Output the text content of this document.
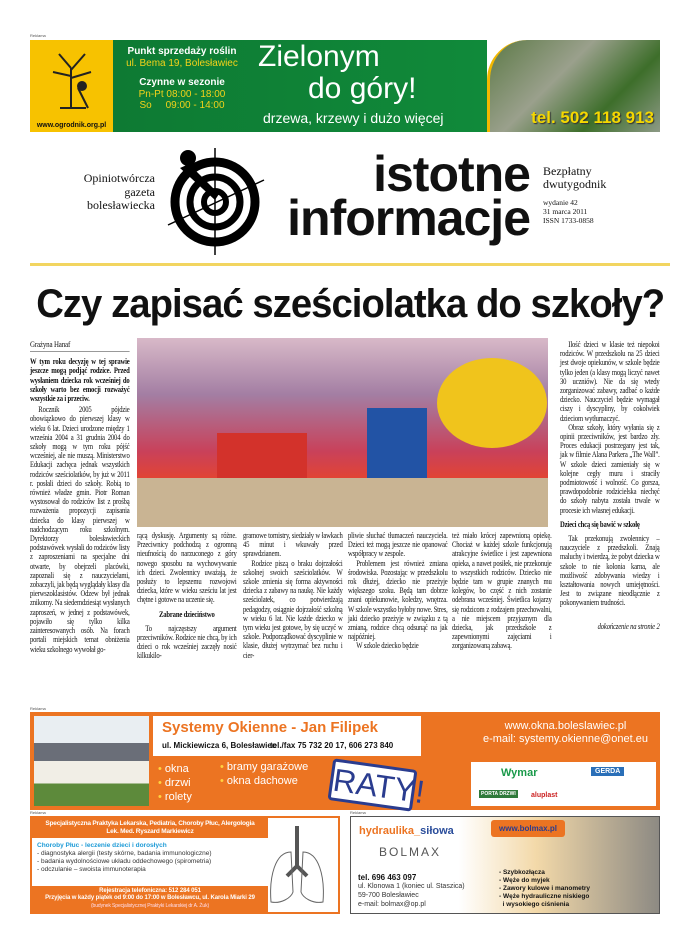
Reklama
www.ogrodnik.org.pl
Punkt sprzedaży roślin
ul. Bema 19, Bolesławiec
Czynne w sezonie
Pn-Pt 08:00 - 18:00
So     09:00 - 14:00
Zielonym
do góry!
drzewa, krzewy i dużo więcej	tel. 502 118 913
Opiniotwórcza
gazeta
bolesławiecka
istotne
informacje
Bezpłatny
dwutygodnik
wydanie 42
31 marca 2011
ISSN 1733-0858
Czy zapisać sześciolatka do szkoły?
Grażyna Hanaf

W tym roku decyzję w tej sprawie jeszcze mogą podjąć rodzice. Przed wysłaniem dziecka rok wcześniej do szkoły warto bez emocji rozważyć wszystkie za i przeciw.

Rocznik 2005 pójdzie obowiązkowo do pierwszej klasy w wieku 6 lat. Dzieci urodzone między 1 września 2004 a 31 grudnia 2004 do szkoły mogą w tym roku pójść wcześniej, ale nie muszą. Ministerstwo Edukacji zachęca jednak wszystkich rodziców sześciolatków, by już w 2011 r. posłali dzieci do szkoły. Robią to również władze gmin. Piotr Roman wystosował do rodziców list z prośbą rozważenia propozycji zapisania dziecka do klasy pierwszej w nadchodzącym roku szkolnym. Dyrektorzy bolesławieckich podstawówek wysłali do rodziców listy z zaproszeniami na specjalne dni otwarte, by obejrzeli placówki, zapoznali się z nauczycielami, zobaczyli, jak będą wyglądały klasy dla pierwszoklasistów. Odzew był jednak znikomy. Na siedemdziesiąt wysłanych zaproszeń, w jednej z podstawówek, pojawiło się tylko kilka zainteresowanych osób. Na forach portali miejskich temat obniżenia wieku szkolnego wywołał go-

rącą dyskusję. Argumenty są różne. Przeciwnicy podchodzą z ogromną nieufnością do narzuconego z góry nowego sposobu na wychowywanie ich dzieci. Zwolennicy uważają, że posłuży to lepszemu rozwojowi dziecka, które w wieku sześciu lat jest chętne i gotowe na uczenie się.

Zabrane dzieciństwo

To najczęstszy argument przeciwników. Rodzice nie chcą, by ich dzieci o rok wcześniej zaczęły nosić kilkukilo-

gramowe tornistry, siedziały w ławkach 45 minut i wkuwały przed sprawdzianem.

Rodzice piszą o braku dojrzałości szkolnej swoich sześciolatków. W szkole zmienia się forma aktywności dziecka z zabawy na naukę. Nie każdy sześciolatek, co potwierdzają pedagodzy, osiągnie dojrzałość szkolną w wieku 6 lat. Nie każde dziecko w tym wieku jest gotowe, by się uczyć w szkole. Podporządkować dyscyplinie w klasie, dłużej wytrzymać bez ruchu i cier-

pliwie słuchać tłumaczeń nauczyciela. Dzieci też mogą jeszcze nie opanować współpracy w zespole.

Problemem jest również zmiana środowiska. Pozostając w przedszkolu rok dłużej, dziecko nie przeżyje większego szoku. Będą tam dobrze znani opiekunowie, koledzy, wnętrza. W szkole wszystko byłoby nowe. Stres, jaki dziecko przeżyje w związku z tą zmianą, rodzice chcą odsunąć na jak najpóźniej.

W szkole dziecko będzie

też miało krócej zapewnioną opiekę. Chociaż w każdej szkole funkcjonują atrakcyjne świetlice i jest zapewniona opieka, a nawet posiłek, nie przekonuje to wszystkich rodziców. Dziecko nie będzie tam w grupie znanych mu kolegów, bo część z nich zostanie odebrana wcześniej. Świetlica kojarzy się rodzicom z rodzajem przechowalni, a nie miejscem przyjaznym dla dziecka, jak przedszkole z zapewnionymi zajęciami i zorganizowaną zabawą.

Ilość dzieci w klasie też niepokoi rodziców. W przedszkolu na 25 dzieci jest dwoje opiekunów, w szkole będzie tylko jeden (a klasy mogą liczyć nawet 30 uczniów). Nie da się wtedy zorganizować zabawy, zadbać o każde dziecko. Nauczyciel będzie wymagał ciszy i dyscypliny, by cokolwiek dzieciom wytłumaczyć.

Obraz szkoły, który wyłania się z opinii przeciwników, jest bardzo zły. Proces edukacji postrzegany jest tak, jak w filmie Alana Parkera „The Wall”. W szkole dzieci zamieniały się w kolejne cegły muru i straciły podmiotowość i wolność. Co gorsza, prawdopodobnie rodzicielska niechęć do szkoły nabyta została trwale w procesie ich własnej edukacji.

Dzieci chcą się bawić w szkołę

Tak przekonują zwolennicy – nauczyciele z przedszkoli. Znają maluchy i twierdzą, że pobyt dziecka w szkole to nie kolonia karna, ale możliwość zdobywania wiedzy i kształtowania nowych umiejętności. Jest to związane nieodłącznie z pokonywaniem trudności.

dokończenie na stronie 2
Reklama
Systemy Okienne - Jan Filipek
ul. Mickiewicza 6, Bolesławiec
tel./fax 75 732 20 17, 606 273 840
• okna
• drzwi
• rolety
• bramy garażowe
• okna dachowe	RATY!
www.okna.boleslawiec.pl
e-mail: systemy.okienne@onet.eu
Wymar	GERDA
PORTA DRZWI aluplast
Reklama
Specjalistyczna Praktyka Lekarska, Pediatria, Choroby Płuc, Alergologia
Lek. Med. Ryszard Markiewicz
Choroby Płuc - leczenie dzieci i dorosłych
- diagnostyka alergii (testy skórne, badania immunologiczne)
- badania wydolnościowe układu oddechowego (spirometria)
- odczulanie – swoista immunoterapia
Rejestracja telefoniczna: 512 284 051
Przyjęcia w każdy piątek od 9:00 do 17:00 w Bolesławcu, ul. Karola Miarki 29
(budynek Specjalistycznej Praktyki Lekarskiej dr A. Żuk)
Reklama
hydraulika_siłowa
BOLMAX
www.bolmax.pl
tel. 696 463 097
ul. Klonowa 1 (koniec ul. Staszica)
59-700 Bolesławiec
e-mail: bolmax@op.pl
- Szybkozłącza
- Węże do myjek
- Zawory kulowe i manometry
- Węże hydrauliczne niskiego
i wysokiego ciśnienia
